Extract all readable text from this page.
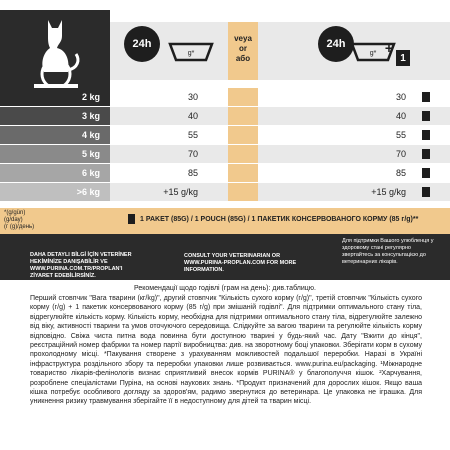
24h
g*
veya
or
або
24h
g* +
1
2 kg	30	30
3 kg	40	40
4 kg	55	55
5 kg	70	70
6 kg	85	85
>6 kg	+15 g/kg	+15 g/kg
*(g/gün)
(g/day)
(г (g)/день)
1 PAKET (85G) / 1 POUCH (85G) / 1 ПАКЕТИК КОНСЕРВОВАНОГО КОРМУ (85 г/g)**
DAHA DETAYLI BİLGİ İÇİN VETERİNER
HEKİMİNİZE DANIŞABİLİR VE
WWW.PURINA.COM.TR/PROPLAN'I
ZİYARET EDEBİLİRSİNİZ.
CONSULT YOUR VETERINARIAN OR
WWW.PURINA-PROPLAN.COM FOR MORE
INFORMATION.
Для підтримки Вашого улюбленця у
здоровому стані регулярно
звертайтесь за консультацією до
ветеринарних лікарів.
Рекомендації щодо годівлі (грам на день): див.таблицю.
Перший стовпчик "Вага тварини (кг/kg)", другий стовпчик "Кількість сухого корму (г/g)", третій стовпчик "Кількість сухого корму (г/g) + 1 пакетик консервованого корму (85 г/g) при змішаній годівлі". Для підтримки оптимального стану тіла, відрегулюйте кількість корму. Кількість корму, необхідна для підтримки оптимального стану тіла, відрегулюйте залежно від віку, активності тварини та умов оточуючого середовища. Слідкуйте за вагою тварини та регулюйте кількість корму відповідно. Свіжа чиста питна вода повинна бути доступною тварині у будь-який час. Дату "Вжити до кінця", реєстраційний номер фабрики та номер партії виробництва: див. на зворотному боці упаковки. Зберігати корм в сухому прохолодному місці. *Пакування створене з урахуванням можливостей подальшої переробки. Наразі в Україні інфраструктура роздільного збору та переробки упаковки лише розвивається. www.purina.eu/packaging. ¹Міжнародне товариство лікарів-фелінологів визнає сприятливий внесок кормів PURINA® у благополуччя кішок. ²Харчування, розроблене спеціалістами Пуріна, на основі наукових знань. *Продукт призначений для дорослих кішок. Якщо ваша кішка потребує особливого догляду за здоров'ям, радимо звернутися до ветеринара. Це упаковка не іграшка. Для уникнення ризику травмування зберігайте її в недоступному для дітей та тварин місці.
